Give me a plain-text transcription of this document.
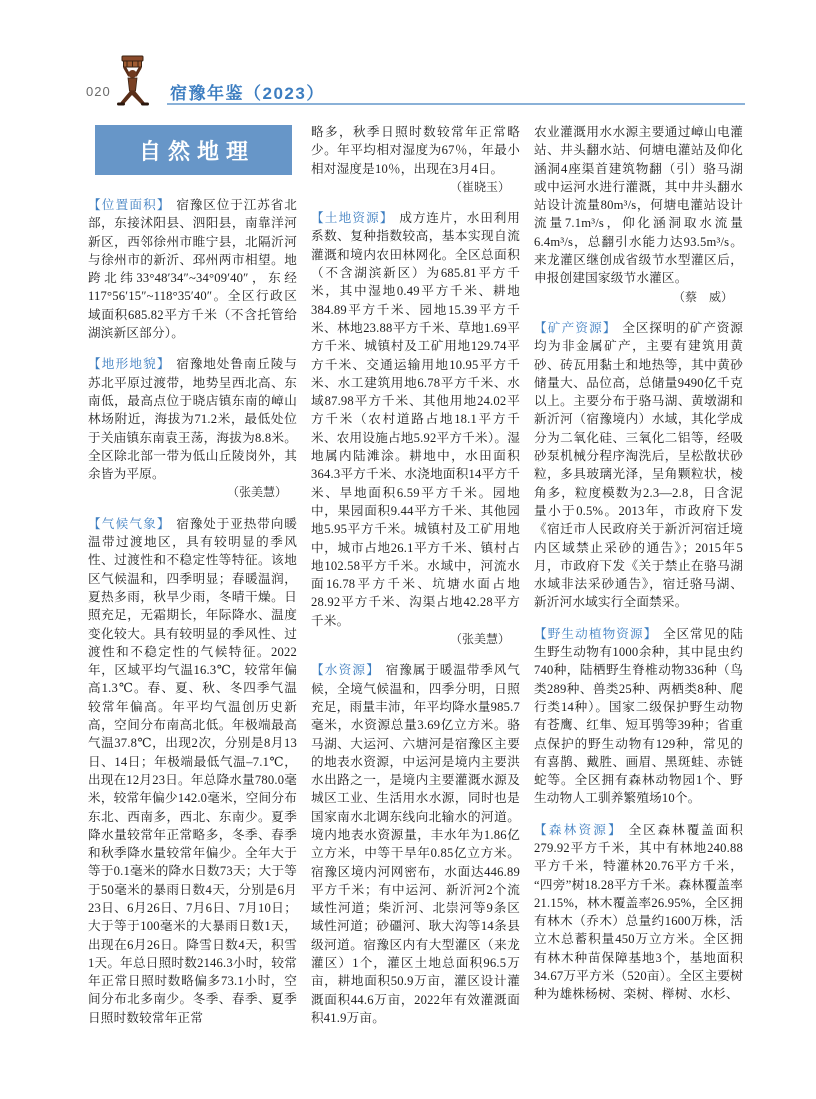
020	宿豫年鉴（2023）
自然地理

【位置面积】 宿豫区位于江苏省北部，东接沭阳县、泗阳县，南靠洋河新区，西邻徐州市睢宁县，北隔沂河与徐州市的新沂、邳州两市相望。地跨北纬33°48′34″~34°09′40″，东经117°56′15″~118°35′40″。全区行政区域面积685.82平方千米（不含托管给湖滨新区部分）。

【地形地貌】 宿豫地处鲁南丘陵与苏北平原过渡带，地势呈西北高、东南低，最高点位于晓店镇东南的嶂山林场附近，海拔为71.2米，最低处位于关庙镇东南袁王荡，海拔为8.8米。全区除北部一带为低山丘陵岗外，其余皆为平原。

（张美慧）

【气候气象】 宿豫处于亚热带向暖温带过渡地区，具有较明显的季风性、过渡性和不稳定性等特征。该地区气候温和，四季明显；春暖温润，夏热多雨，秋旱少雨，冬晴干燥。日照充足，无霜期长，年际降水、温度变化较大。具有较明显的季风性、过渡性和不稳定性的气候特征。2022年，区域平均气温16.3℃，较常年偏高1.3℃。春、夏、秋、冬四季气温较常年偏高。年平均气温创历史新高，空间分布南高北低。年极端最高气温37.8℃，出现2次，分别是8月13日、14日；年极端最低气温–7.1℃，出现在12月23日。年总降水量780.0毫米，较常年偏少142.0毫米，空间分布东北、西南多，西北、东南少。夏季降水量较常年正常略多，冬季、春季和秋季降水量较常年偏少。全年大于等于0.1毫米的降水日数73天；大于等于50毫米的暴雨日数4天，分别是6月23日、6月26日、7月6日、7月10日；大于等于100毫米的大暴雨日数1天，出现在6月26日。降雪日数4天，积雪1天。年总日照时数2146.3小时，较常年正常日照时数略偏多73.1小时，空间分布北多南少。冬季、春季、夏季日照时数较常年正常

略多，秋季日照时数较常年正常略少。年平均相对湿度为67％，年最小相对湿度是10％，出现在3月4日。

（崔晓玉）

【土地资源】 成方连片，水田利用系数、复种指数较高，基本实现自流灌溉和境内农田林网化。全区总面积（不含湖滨新区）为685.81平方千米，其中湿地0.49平方千米、耕地384.89平方千米、园地15.39平方千米、林地23.88平方千米、草地1.69平方千米、城镇村及工矿用地129.74平方千米、交通运输用地10.95平方千米、水工建筑用地6.78平方千米、水域87.98平方千米、其他用地24.02平方千米（农村道路占地18.1平方千米、农用设施占地5.92平方千米）。湿地属内陆滩涂。耕地中，水田面积364.3平方千米、水浇地面积14平方千米、旱地面积6.59平方千米。园地中，果园面积9.44平方千米、其他园地5.95平方千米。城镇村及工矿用地中，城市占地26.1平方千米、镇村占地102.58平方千米。水域中，河流水面16.78平方千米、坑塘水面占地28.92平方千米、沟渠占地42.28平方千米。

（张美慧）

【水资源】 宿豫属于暖温带季风气候，全境气候温和，四季分明，日照充足，雨量丰沛，年平均降水量985.7毫米，水资源总量3.69亿立方米。骆马湖、大运河、六塘河是宿豫区主要的地表水资源，中运河是境内主要洪水出路之一，是境内主要灌溉水源及城区工业、生活用水水源，同时也是国家南水北调东线向北输水的河道。境内地表水资源量，丰水年为1.86亿立方米，中等干旱年0.85亿立方米。宿豫区境内河网密布，水面达446.89平方千米；有中运河、新沂河2个流域性河道；柴沂河、北崇河等9条区域性河道；砂礓河、耿大沟等14条县级河道。宿豫区内有大型灌区（来龙灌区）1个，灌区土地总面积96.5万亩，耕地面积50.9万亩，灌区设计灌溉面积44.6万亩，2022年有效灌溉面积41.9万亩。

农业灌溉用水水源主要通过嶂山电灌站、井头翻水站、何塘电灌站及仰化涵洞4座渠首建筑物翻（引）骆马湖或中运河水进行灌溉，其中井头翻水站设计流量80m³/s，何塘电灌站设计流量7.1m³/s，仰化涵洞取水流量6.4m³/s，总翻引水能力达93.5m³/s。来龙灌区继创成省级节水型灌区后，申报创建国家级节水灌区。

（蔡　威）

【矿产资源】 全区探明的矿产资源均为非金属矿产，主要有建筑用黄砂、砖瓦用黏土和地热等，其中黄砂储量大、品位高，总储量9490亿千克以上。主要分布于骆马湖、黄墩湖和新沂河（宿豫境内）水域，其化学成分为二氧化硅、三氧化二铝等，经吸砂泵机械分程序淘洗后，呈松散状砂粒，多具玻璃光泽，呈角颗粒状，棱角多，粒度模数为2.3—2.8，日含泥量小于0.5%。2013年，市政府下发《宿迁市人民政府关于新沂河宿迁境内区域禁止采砂的通告》；2015年5月，市政府下发《关于禁止在骆马湖水域非法采砂通告》，宿迁骆马湖、新沂河水域实行全面禁采。

【野生动植物资源】 全区常见的陆生野生动物有1000余种，其中昆虫约740种，陆栖野生脊椎动物336种（鸟类289种、兽类25种、两栖类8种、爬行类14种）。国家二级保护野生动物有苍鹰、红隼、短耳鸮等39种；省重点保护的野生动物有129种，常见的有喜鹊、戴胜、画眉、黑斑蛙、赤链蛇等。全区拥有森林动物园1个、野生动物人工驯养繁殖场10个。

【森林资源】 全区森林覆盖面积279.92平方千米，其中有林地240.88平方千米，特灌林20.76平方千米，“四旁”树18.28平方千米。森林覆盖率21.15%，林木覆盖率26.95%，全区拥有林木（乔木）总量约1600万株，活立木总蓄积量450万立方米。全区拥有林木种苗保障基地3个，基地面积34.67万平方米（520亩）。全区主要树种为雄株杨树、栾树、榉树、水杉、
